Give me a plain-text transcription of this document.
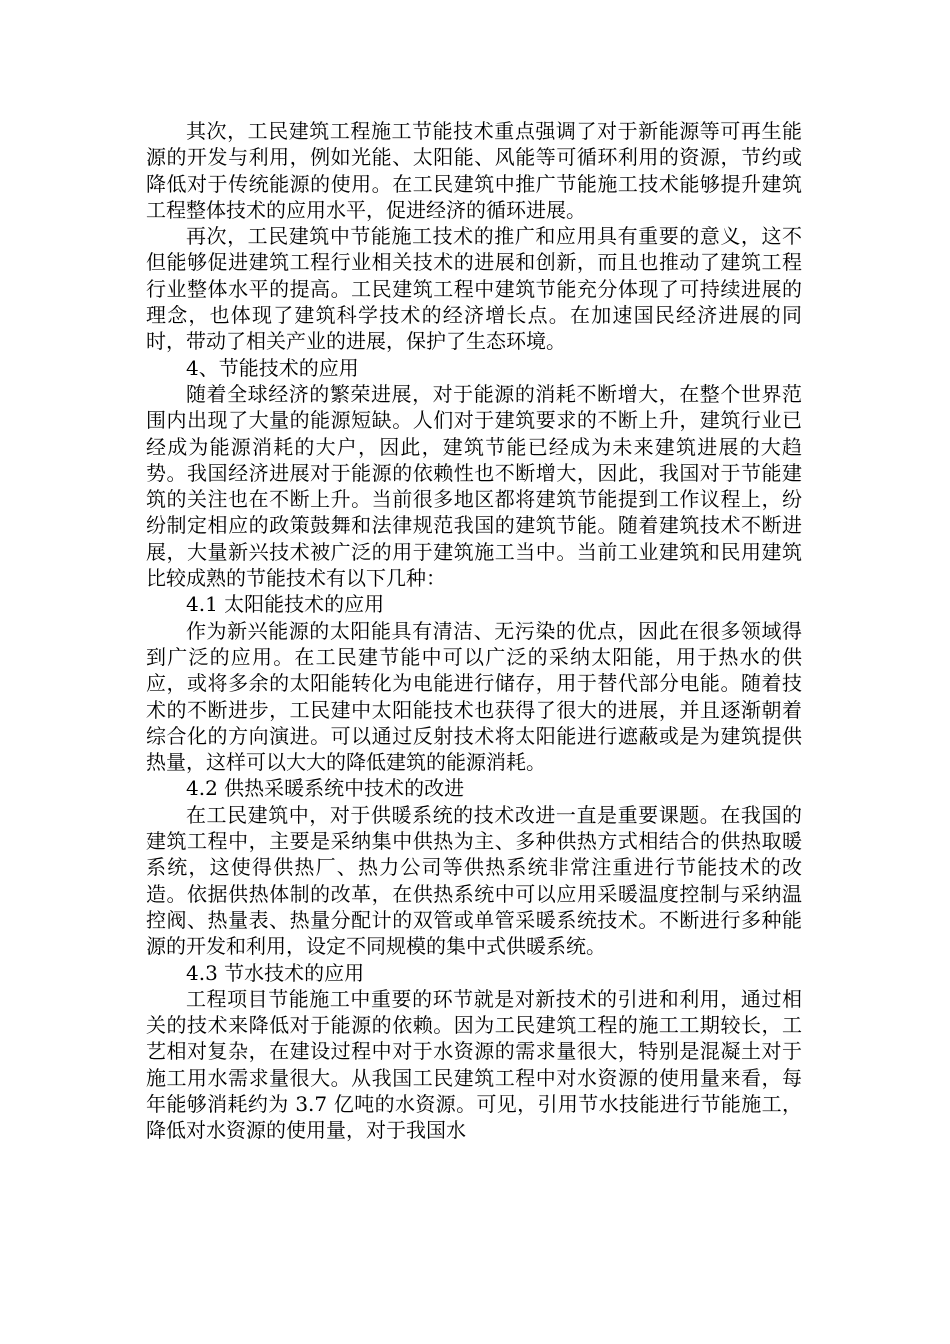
其次，工民建筑工程施工节能技术重点强调了对于新能源等可再生能源的开发与利用，例如光能、太阳能、风能等可循环利用的资源，节约或降低对于传统能源的使用。在工民建筑中推广节能施工技术能够提升建筑工程整体技术的应用水平，促进经济的循环进展。

再次，工民建筑中节能施工技术的推广和应用具有重要的意义，这不但能够促进建筑工程行业相关技术的进展和创新，而且也推动了建筑工程行业整体水平的提高。工民建筑工程中建筑节能充分体现了可持续进展的理念，也体现了建筑科学技术的经济增长点。在加速国民经济进展的同时，带动了相关产业的进展，保护了生态环境。

4、节能技术的应用

随着全球经济的繁荣进展，对于能源的消耗不断增大，在整个世界范围内出现了大量的能源短缺。人们对于建筑要求的不断上升，建筑行业已经成为能源消耗的大户，因此，建筑节能已经成为未来建筑进展的大趋势。我国经济进展对于能源的依赖性也不断增大，因此，我国对于节能建筑的关注也在不断上升。当前很多地区都将建筑节能提到工作议程上，纷纷制定相应的政策鼓舞和法律规范我国的建筑节能。随着建筑技术不断进展，大量新兴技术被广泛的用于建筑施工当中。当前工业建筑和民用建筑比较成熟的节能技术有以下几种：

4.1 太阳能技术的应用

作为新兴能源的太阳能具有清洁、无污染的优点，因此在很多领域得到广泛的应用。在工民建节能中可以广泛的采纳太阳能，用于热水的供应，或将多余的太阳能转化为电能进行储存，用于替代部分电能。随着技术的不断进步，工民建中太阳能技术也获得了很大的进展，并且逐渐朝着综合化的方向演进。可以通过反射技术将太阳能进行遮蔽或是为建筑提供热量，这样可以大大的降低建筑的能源消耗。

4.2 供热采暖系统中技术的改进

在工民建筑中，对于供暖系统的技术改进一直是重要课题。在我国的建筑工程中，主要是采纳集中供热为主、多种供热方式相结合的供热取暖系统，这使得供热厂、热力公司等供热系统非常注重进行节能技术的改造。依据供热体制的改革，在供热系统中可以应用采暖温度控制与采纳温控阀、热量表、热量分配计的双管或单管采暖系统技术。不断进行多种能源的开发和利用，设定不同规模的集中式供暖系统。

4.3 节水技术的应用

工程项目节能施工中重要的环节就是对新技术的引进和利用，通过相关的技术来降低对于能源的依赖。因为工民建筑工程的施工工期较长，工艺相对复杂，在建设过程中对于水资源的需求量很大，特别是混凝土对于施工用水需求量很大。从我国工民建筑工程中对水资源的使用量来看，每年能够消耗约为 3.7 亿吨的水资源。可见，引用节水技能进行节能施工，降低对水资源的使用量，对于我国水
